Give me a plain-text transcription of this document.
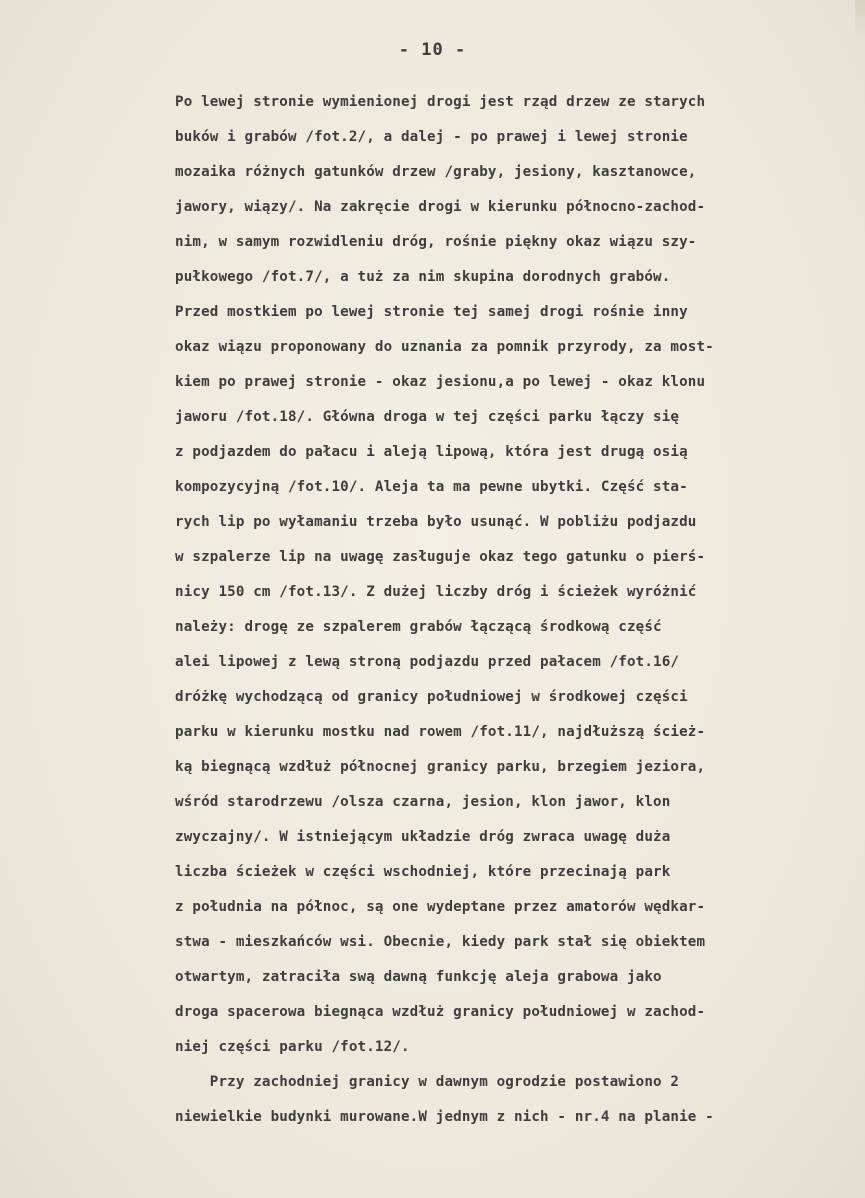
- 10 -
Po lewej stronie wymienionej drogi jest rząd drzew ze starych
buków i grabów /fot.2/, a dalej - po prawej i lewej stronie
mozaika różnych gatunków drzew /graby, jesiony, kasztanowce,
jawory, wiązy/. Na zakręcie drogi w kierunku północno-zachod-
nim, w samym rozwidleniu dróg, rośnie piękny okaz wiązu szy-
pułkowego /fot.7/, a tuż za nim skupina dorodnych grabów.
Przed mostkiem po lewej stronie tej samej drogi rośnie inny
okaz wiązu proponowany do uznania za pomnik przyrody, za most-
kiem po prawej stronie - okaz jesionu,a po lewej - okaz klonu
jaworu /fot.18/. Główna droga w tej części parku łączy się
z podjazdem do pałacu i aleją lipową, która jest drugą osią
kompozycyjną /fot.10/. Aleja ta ma pewne ubytki. Część sta-
rych lip po wyłamaniu trzeba było usunąć. W pobliżu podjazdu
w szpalerze lip na uwagę zasługuje okaz tego gatunku o pierś-
nicy 150 cm /fot.13/. Z dużej liczby dróg i ścieżek wyróżnić
należy: drogę ze szpalerem grabów łączącą środkową część
alei lipowej z lewą stroną podjazdu przed pałacem /fot.16/
dróżkę wychodzącą od granicy południowej w środkowej części
parku w kierunku mostku nad rowem /fot.11/, najdłuższą ścież-
ką biegnącą wzdłuż północnej granicy parku, brzegiem jeziora,
wśród starodrzewu /olsza czarna, jesion, klon jawor, klon
zwyczajny/. W istniejącym układzie dróg zwraca uwagę duża
liczba ścieżek w części wschodniej, które przecinają park
z południa na północ, są one wydeptane przez amatorów wędkar-
stwa - mieszkańców wsi. Obecnie, kiedy park stał się obiektem
otwartym, zatraciła swą dawną funkcję aleja grabowa jako
droga spacerowa biegnąca wzdłuż granicy południowej w zachod-
niej części parku /fot.12/.
Przy zachodniej granicy w dawnym ogrodzie postawiono 2
niewielkie budynki murowane.W jednym z nich - nr.4 na planie -
